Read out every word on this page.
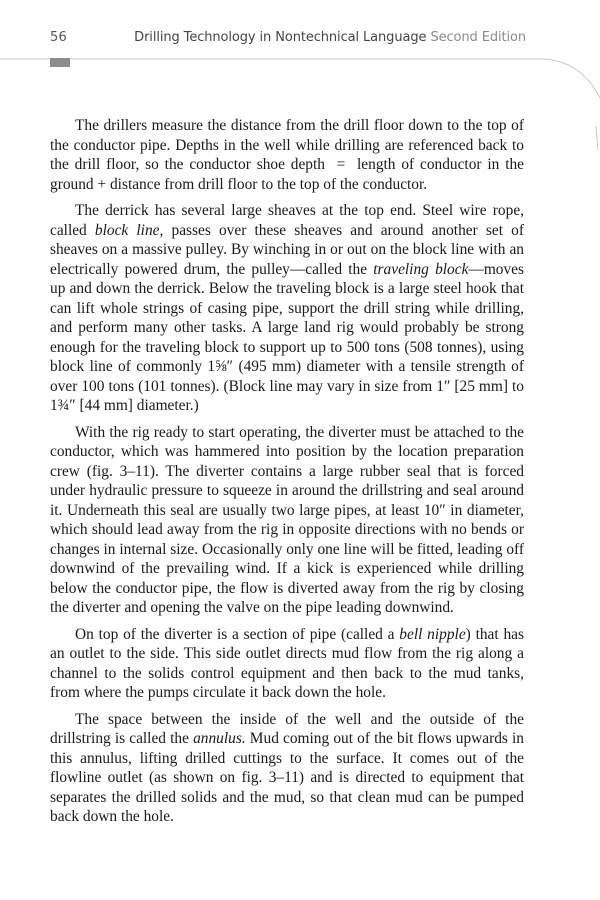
56	Drilling Technology in Nontechnical Language Second Edition

The drillers measure the distance from the drill floor down to the top of the conductor pipe. Depths in the well while drilling are referenced back to the drill floor, so the conductor shoe depth  =  length of conductor in the ground + distance from drill floor to the top of the conductor.

The derrick has several large sheaves at the top end. Steel wire rope, called block line, passes over these sheaves and around another set of sheaves on a massive pulley. By winching in or out on the block line with an electrically powered drum, the pulley—called the traveling block—moves up and down the derrick. Below the traveling block is a large steel hook that can lift whole strings of casing pipe, support the drill string while drilling, and perform many other tasks. A large land rig would probably be strong enough for the traveling block to support up to 500 tons (508 tonnes), using block line of commonly 1⅝″ (495 mm) diameter with a tensile strength of over 100 tons (101 tonnes). (Block line may vary in size from 1″ [25 mm] to 1¾″ [44 mm] diameter.)

With the rig ready to start operating, the diverter must be attached to the conductor, which was hammered into position by the location preparation crew (fig. 3–11). The diverter contains a large rubber seal that is forced under hydraulic pressure to squeeze in around the drillstring and seal around it. Underneath this seal are usually two large pipes, at least 10″ in diameter, which should lead away from the rig in opposite directions with no bends or changes in internal size. Occasionally only one line will be fitted, leading off downwind of the prevailing wind. If a kick is experienced while drilling below the conductor pipe, the flow is diverted away from the rig by closing the diverter and opening the valve on the pipe leading downwind.

On top of the diverter is a section of pipe (called a bell nipple) that has an outlet to the side. This side outlet directs mud flow from the rig along a channel to the solids control equipment and then back to the mud tanks, from where the pumps circulate it back down the hole.

The space between the inside of the well and the outside of the drillstring is called the annulus. Mud coming out of the bit flows upwards in this annulus, lifting drilled cuttings to the surface. It comes out of the flowline outlet (as shown on fig. 3–11) and is directed to equipment that separates the drilled solids and the mud, so that clean mud can be pumped back down the hole.
